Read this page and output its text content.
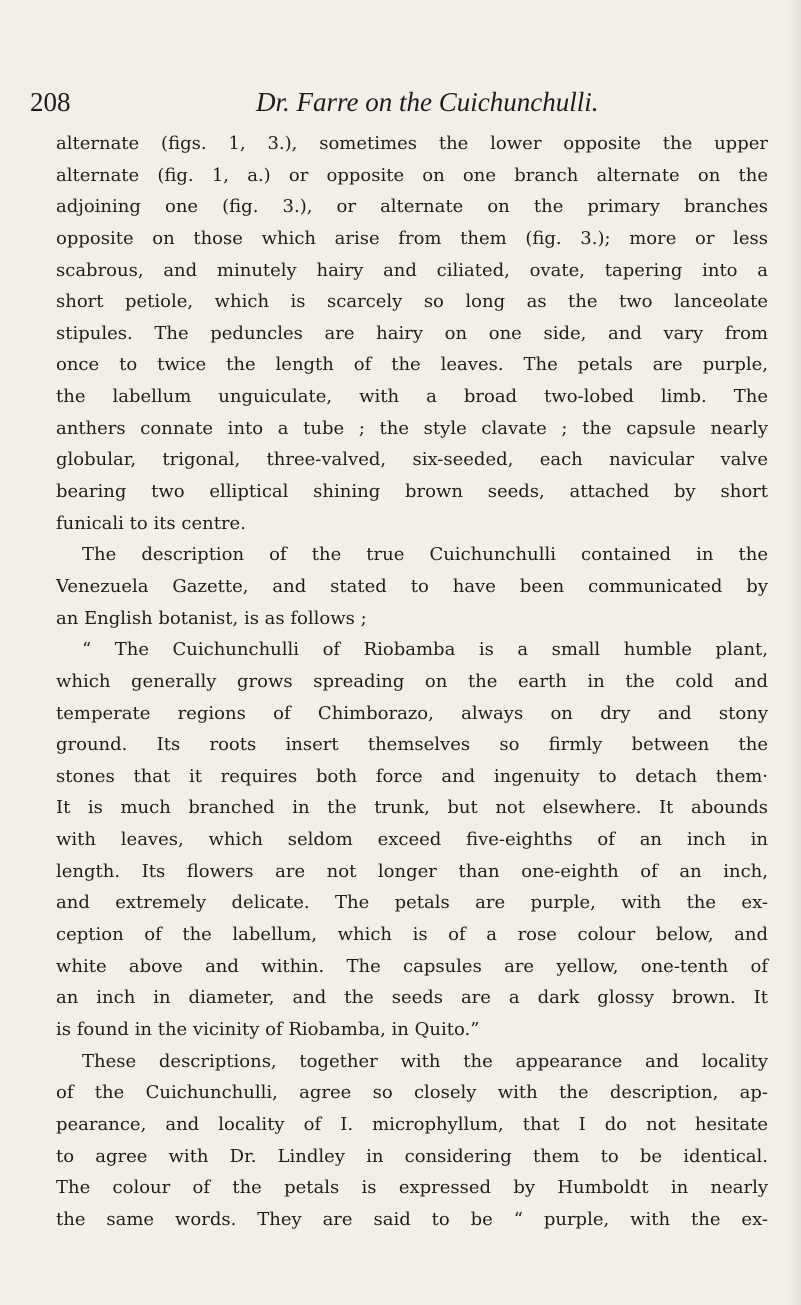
208	Dr. Farre on the Cuichunchulli.
alternate (figs. 1, 3.), sometimes the lower opposite the upper
alternate (fig. 1, a.) or opposite on one branch alternate on the
adjoining one (fig. 3.), or alternate on the primary branches
opposite on those which arise from them (fig. 3.); more or less
scabrous, and minutely hairy and ciliated, ovate, tapering into a
short petiole, which is scarcely so long as the two lanceolate
stipules. The peduncles are hairy on one side, and vary from
once to twice the length of the leaves. The petals are purple,
the labellum unguiculate, with a broad two-lobed limb. The
anthers connate into a tube ; the style clavate ; the capsule nearly
globular, trigonal, three-valved, six-seeded, each navicular valve
bearing two elliptical shining brown seeds, attached by short
funicali to its centre.
The description of the true Cuichunchulli contained in the
Venezuela Gazette, and stated to have been communicated by
an English botanist, is as follows ;
“ The Cuichunchulli of Riobamba is a small humble plant,
which generally grows spreading on the earth in the cold and
temperate regions of Chimborazo, always on dry and stony
ground. Its roots insert themselves so firmly between the
stones that it requires both force and ingenuity to detach them·
It is much branched in the trunk, but not elsewhere. It abounds
with leaves, which seldom exceed five-eighths of an inch in
length. Its flowers are not longer than one-eighth of an inch,
and extremely delicate. The petals are purple, with the ex-
ception of the labellum, which is of a rose colour below, and
white above and within. The capsules are yellow, one-tenth of
an inch in diameter, and the seeds are a dark glossy brown. It
is found in the vicinity of Riobamba, in Quito.”
These descriptions, together with the appearance and locality
of the Cuichunchulli, agree so closely with the description, ap-
pearance, and locality of I. microphyllum, that I do not hesitate
to agree with Dr. Lindley in considering them to be identical.
The colour of the petals is expressed by Humboldt in nearly
the same words. They are said to be “ purple, with the ex-
